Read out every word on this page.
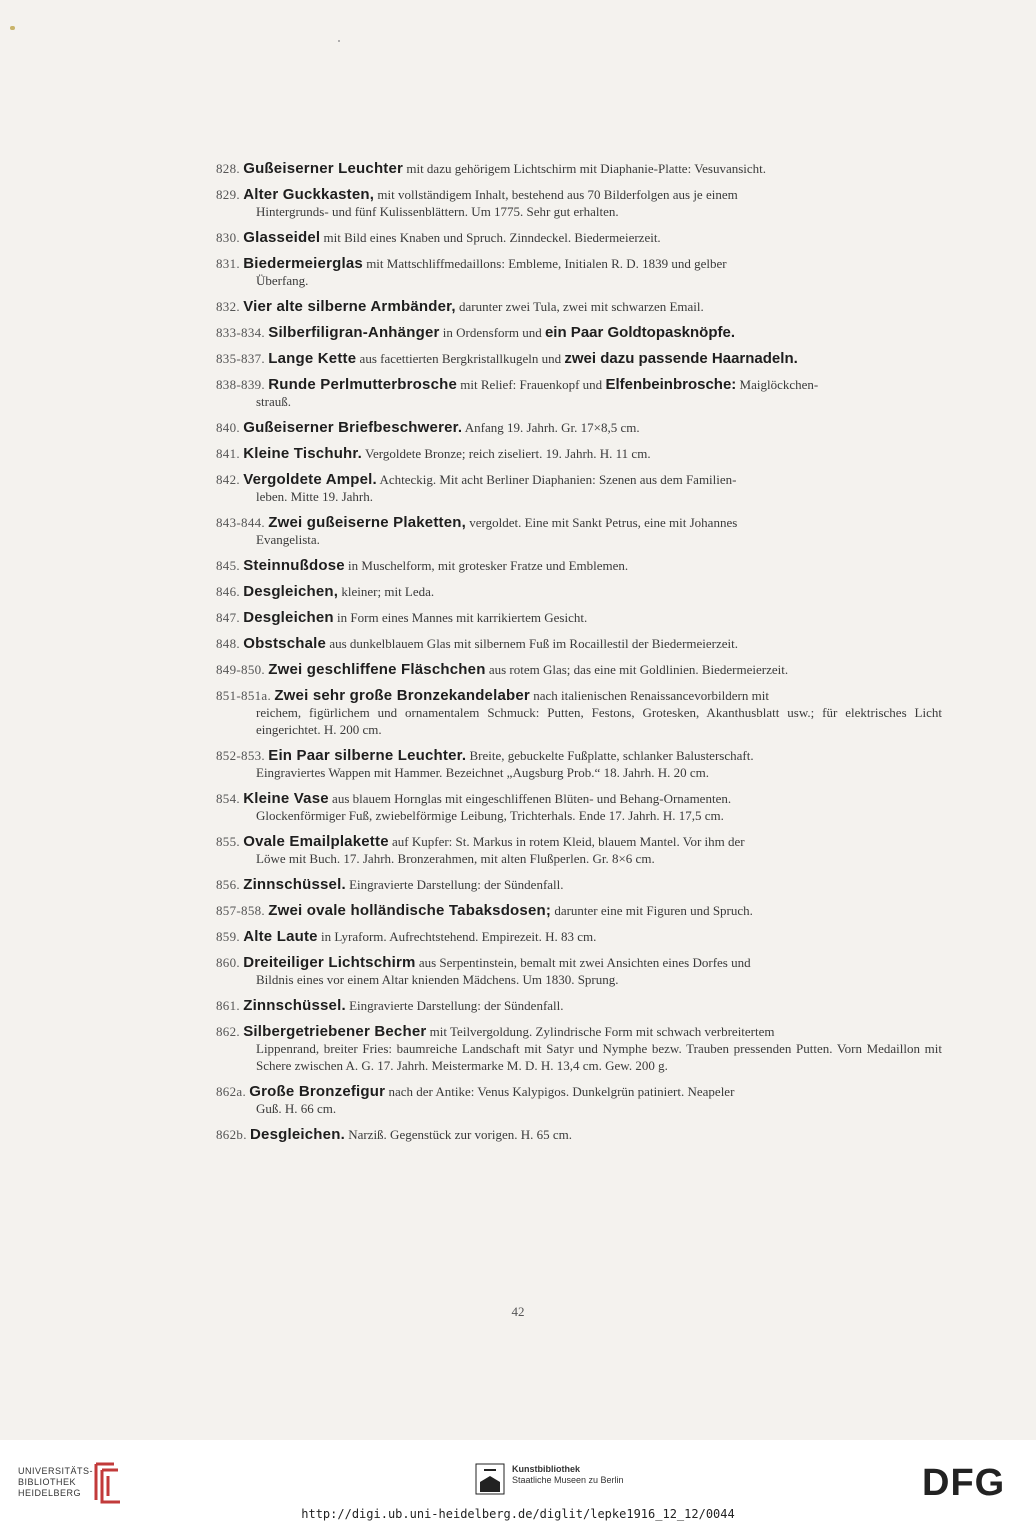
828. Gußeiserner Leuchter mit dazu gehörigem Lichtschirm mit Diaphanie-Platte: Vesuvansicht.
829. Alter Guckkasten, mit vollständigem Inhalt, bestehend aus 70 Bilderfolgen aus je einem
Hintergrunds- und fünf Kulissenblättern. Um 1775. Sehr gut erhalten.
830. Glasseidel mit Bild eines Knaben und Spruch. Zinndeckel. Biedermeierzeit.
831. Biedermeierglas mit Mattschliffmedaillons: Embleme, Initialen R. D. 1839 und gelber
Überfang.
832. Vier alte silberne Armbänder, darunter zwei Tula, zwei mit schwarzen Email.
833-834. Silberfiligran-Anhänger in Ordensform und ein Paar Goldtopasknöpfe.
835-837. Lange Kette aus facettierten Bergkristallkugeln und zwei dazu passende Haarnadeln.
838-839. Runde Perlmutterbrosche mit Relief: Frauenkopf und Elfenbeinbrosche: Maiglöckchen-
strauß.
840. Gußeiserner Briefbeschwerer. Anfang 19. Jahrh. Gr. 17×8,5 cm.
841. Kleine Tischuhr. Vergoldete Bronze; reich ziseliert. 19. Jahrh. H. 11 cm.
842. Vergoldete Ampel. Achteckig. Mit acht Berliner Diaphanien: Szenen aus dem Familien-
leben. Mitte 19. Jahrh.
843-844. Zwei gußeiserne Plaketten, vergoldet. Eine mit Sankt Petrus, eine mit Johannes
Evangelista.
845. Steinnußdose in Muschelform, mit grotesker Fratze und Emblemen.
846. Desgleichen, kleiner; mit Leda.
847. Desgleichen in Form eines Mannes mit karrikiertem Gesicht.
848. Obstschale aus dunkelblauem Glas mit silbernem Fuß im Rocaillestil der Biedermeierzeit.
849-850. Zwei geschliffene Fläschchen aus rotem Glas; das eine mit Goldlinien. Biedermeierzeit.
851-851a. Zwei sehr große Bronzekandelaber nach italienischen Renaissancevorbildern mit
reichem, figürlichem und ornamentalem Schmuck: Putten, Festons, Grotesken, Akanthusblatt usw.; für elektrisches Licht eingerichtet. H. 200 cm.
852-853. Ein Paar silberne Leuchter. Breite, gebuckelte Fußplatte, schlanker Balusterschaft.
Eingraviertes Wappen mit Hammer. Bezeichnet „Augsburg Prob.“ 18. Jahrh. H. 20 cm.
854. Kleine Vase aus blauem Hornglas mit eingeschliffenen Blüten- und Behang-Ornamenten.
Glockenförmiger Fuß, zwiebelförmige Leibung, Trichterhals. Ende 17. Jahrh. H. 17,5 cm.
855. Ovale Emailplakette auf Kupfer: St. Markus in rotem Kleid, blauem Mantel. Vor ihm der
Löwe mit Buch. 17. Jahrh. Bronzerahmen, mit alten Flußperlen. Gr. 8×6 cm.
856. Zinnschüssel. Eingravierte Darstellung: der Sündenfall.
857-858. Zwei ovale holländische Tabaksdosen; darunter eine mit Figuren und Spruch.
859. Alte Laute in Lyraform. Aufrechtstehend. Empirezeit. H. 83 cm.
860. Dreiteiliger Lichtschirm aus Serpentinstein, bemalt mit zwei Ansichten eines Dorfes und
Bildnis eines vor einem Altar knienden Mädchens. Um 1830. Sprung.
861. Zinnschüssel. Eingravierte Darstellung: der Sündenfall.
862. Silbergetriebener Becher mit Teilvergoldung. Zylindrische Form mit schwach verbreitertem
Lippenrand, breiter Fries: baumreiche Landschaft mit Satyr und Nymphe bezw. Trauben pressenden Putten. Vorn Medaillon mit Schere zwischen A. G. 17. Jahrh. Meistermarke M. D. H. 13,4 cm. Gew. 200 g.
862a. Große Bronzefigur nach der Antike: Venus Kalypigos. Dunkelgrün patiniert. Neapeler
Guß. H. 66 cm.
862b. Desgleichen. Narziß. Gegenstück zur vorigen. H. 65 cm.
42
UNIVERSITÄTS-
BIBLIOTHEK
HEIDELBERG
Kunstbibliothek
Staatliche Museen zu Berlin	DFG
http://digi.ub.uni-heidelberg.de/diglit/lepke1916_12_12/0044
